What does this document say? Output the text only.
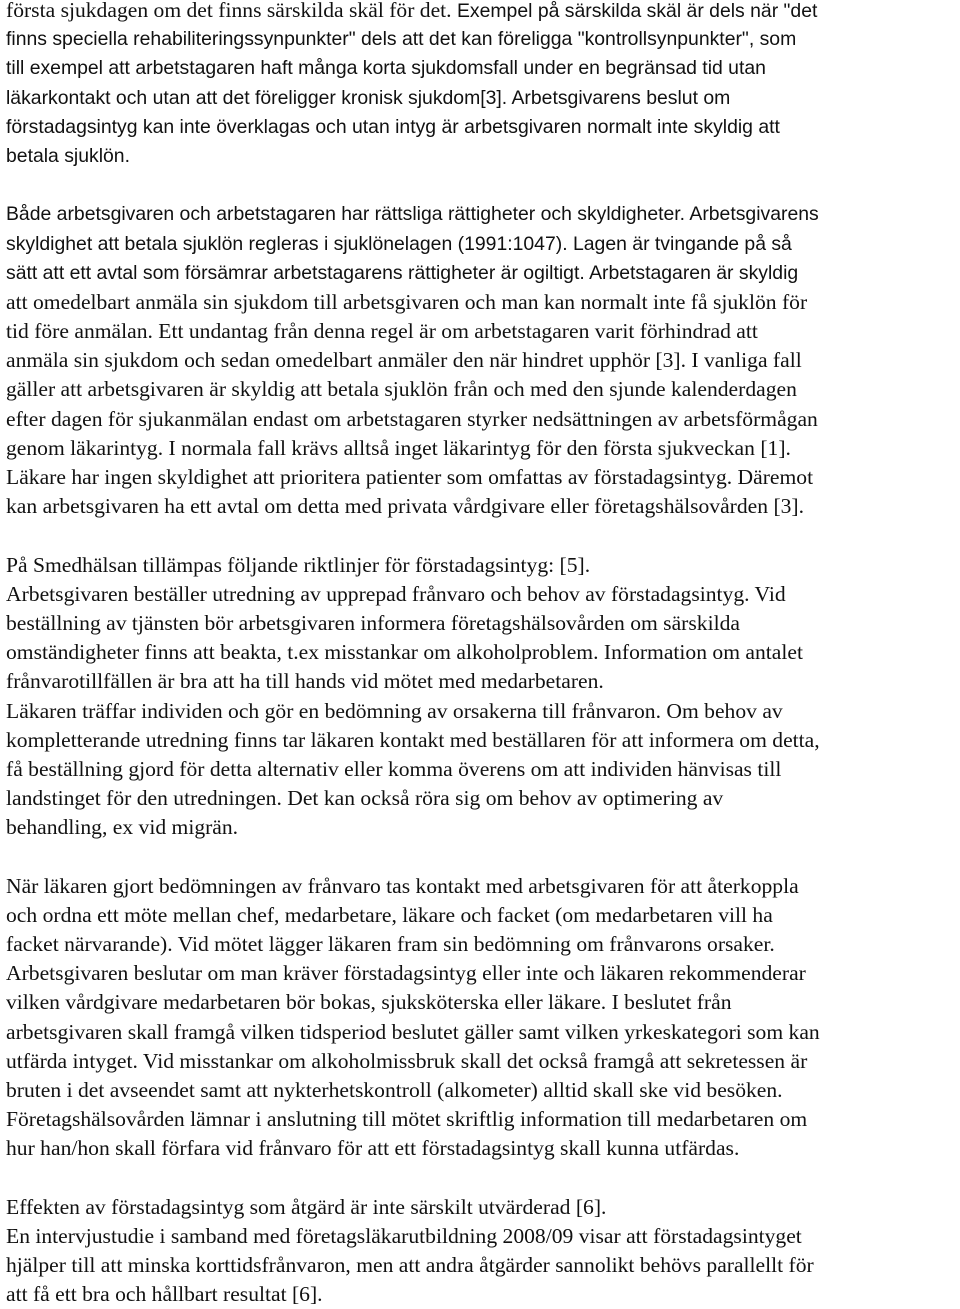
första sjukdagen om det finns särskilda skäl för det. Exempel på särskilda skäl är dels när "det
finns speciella rehabiliteringssynpunkter" dels att det kan föreligga "kontrollsynpunkter", som
till exempel att arbetstagaren haft många korta sjukdomsfall under en begränsad tid utan
läkarkontakt och utan att det föreligger kronisk sjukdom[3]. Arbetsgivarens beslut om
förstadagsintyg kan inte överklagas och utan intyg är arbetsgivaren normalt inte skyldig att
betala sjuklön.
Både arbetsgivaren och arbetstagaren har rättsliga rättigheter och skyldigheter. Arbetsgivarens
skyldighet att betala sjuklön regleras i sjuklönelagen (1991:1047). Lagen är tvingande på så
sätt att ett avtal som försämrar arbetstagarens rättigheter är ogiltigt. Arbetstagaren är skyldig
att omedelbart anmäla sin sjukdom till arbetsgivaren och man kan normalt inte få sjuklön för
tid före anmälan. Ett undantag från denna regel är om arbetstagaren varit förhindrad att
anmäla sin sjukdom och sedan omedelbart anmäler den när hindret upphör [3]. I vanliga fall
gäller att arbetsgivaren är skyldig att betala sjuklön från och med den sjunde kalenderdagen
efter dagen för sjukanmälan endast om arbetstagaren styrker nedsättningen av arbetsförmågan
genom läkarintyg. I normala fall krävs alltså inget läkarintyg för den första sjukveckan [1].
Läkare har ingen skyldighet att prioritera patienter som omfattas av förstadagsintyg. Däremot
kan arbetsgivaren ha ett avtal om detta med privata vårdgivare eller företagshälsovården [3].
På Smedhälsan tillämpas följande riktlinjer för förstadagsintyg: [5].
Arbetsgivaren beställer utredning av upprepad frånvaro och behov av förstadagsintyg. Vid
beställning av tjänsten bör arbetsgivaren informera företagshälsovården om särskilda
omständigheter finns att beakta, t.ex misstankar om alkoholproblem. Information om antalet
frånvarotillfällen är bra att ha till hands vid mötet med medarbetaren.
Läkaren träffar individen och gör en bedömning av orsakerna till frånvaron. Om behov av
kompletterande utredning finns tar läkaren kontakt med beställaren för att informera om detta,
få beställning gjord för detta alternativ eller komma överens om att individen hänvisas till
landstinget för den utredningen. Det kan också röra sig om behov av optimering av
behandling, ex vid migrän.
När läkaren gjort bedömningen av frånvaro tas kontakt med arbetsgivaren för att återkoppla
och ordna ett möte mellan chef, medarbetare, läkare och facket (om medarbetaren vill ha
facket närvarande). Vid mötet lägger läkaren fram sin bedömning om frånvarons orsaker.
Arbetsgivaren beslutar om man kräver förstadagsintyg eller inte och läkaren rekommenderar
vilken vårdgivare medarbetaren bör bokas, sjuksköterska eller läkare. I beslutet från
arbetsgivaren skall framgå vilken tidsperiod beslutet gäller samt vilken yrkeskategori som kan
utfärda intyget. Vid misstankar om alkoholmissbruk skall det också framgå att sekretessen är
bruten i det avseendet samt att nykterhetskontroll (alkometer) alltid skall ske vid besöken.
Företagshälsovården lämnar i anslutning till mötet skriftlig information till medarbetaren om
hur han/hon skall förfara vid frånvaro för att ett förstadagsintyg skall kunna utfärdas.
Effekten av förstadagsintyg som åtgärd är inte särskilt utvärderad [6].
En intervjustudie i samband med företagsläkarutbildning 2008/09 visar att förstadagsintyget
hjälper till att minska korttidsfrånvaron, men att andra åtgärder sannolikt behövs parallellt för
att få ett bra och hållbart resultat [6].
